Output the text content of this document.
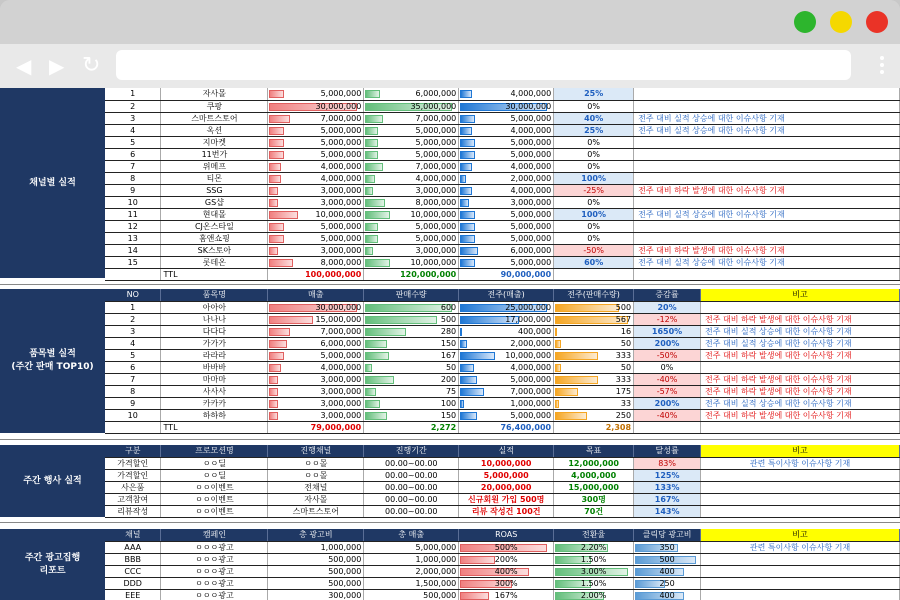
◀ ▶ ↻
채널별 실적
1	자사몰	5,000,000	6,000,000	4,000,000	25%	
2	쿠팡	30,000,000	35,000,000	30,000,000	0%	
3	스마트스토어	7,000,000	7,000,000	5,000,000	40%	전주 대비 실적 상승에 대한 이슈사항 기재
4	옥션	5,000,000	5,000,000	4,000,000	25%	전주 대비 실적 상승에 대한 이슈사항 기재
5	지마켓	5,000,000	5,000,000	5,000,000	0%	
6	11번가	5,000,000	5,000,000	5,000,000	0%	
7	위메프	4,000,000	7,000,000	4,000,000	0%	
8	티몬	4,000,000	4,000,000	2,000,000	100%	
9	SSG	3,000,000	3,000,000	4,000,000	-25%	전주 대비 하락 발생에 대한 이슈사항 기재
10	GS샵	3,000,000	8,000,000	3,000,000	0%	
11	현대몰	10,000,000	10,000,000	5,000,000	100%	전주 대비 실적 상승에 대한 이슈사항 기재
12	CJ온스타일	5,000,000	5,000,000	5,000,000	0%	
13	홈앤쇼핑	5,000,000	5,000,000	5,000,000	0%	
14	SK스토아	3,000,000	3,000,000	6,000,000	-50%	전주 대비 하락 발생에 대한 이슈사항 기재
15	롯데온	8,000,000	10,000,000	5,000,000	60%	전주 대비 실적 상승에 대한 이슈사항 기재
	TTL	100,000,000	120,000,000	90,000,000		
품목별 실적
(주간 판매 TOP10)
NO	품목명	매출	판매수량	전주(매출)	전주(판매수량)	증감률	비고
1	아아아	30,000,000	600	25,000,000	500	20%	
2	나나나	15,000,000	500	17,000,000	567	-12%	전주 대비 하락 발생에 대한 이슈사항 기재
3	다다다	7,000,000	280	400,000	16	1650%	전주 대비 실적 상승에 대한 이슈사항 기재
4	가가가	6,000,000	150	2,000,000	50	200%	전주 대비 실적 상승에 대한 이슈사항 기재
5	라라라	5,000,000	167	10,000,000	333	-50%	전주 대비 하락 발생에 대한 이슈사항 기재
6	바바바	4,000,000	50	4,000,000	50	0%	
7	마마마	3,000,000	200	5,000,000	333	-40%	전주 대비 하락 발생에 대한 이슈사항 기재
8	사사사	3,000,000	75	7,000,000	175	-57%	전주 대비 하락 발생에 대한 이슈사항 기재
9	카카카	3,000,000	100	1,000,000	33	200%	전주 대비 실적 상승에 대한 이슈사항 기재
10	하하하	3,000,000	150	5,000,000	250	-40%	전주 대비 하락 발생에 대한 이슈사항 기재
	TTL	79,000,000	2,272	76,400,000	2,308		
주간 행사 실적
구분	프로모션명	진행채널	진행기간	실적	목표	달성률	비고
가격할인	ㅇㅇ딜	ㅇㅇ몰	00.00~00.00	10,000,000	12,000,000	83%	관련 특이사항 이슈사항 기재
가격할인	ㅇㅇ딜	ㅇㅇ몰	00.00~00.00	5,000,000	4,000,000	125%	
사은품	ㅇㅇ이벤트	전채널	00.00~00.00	20,000,000	15,000,000	133%	
고객참여	ㅇㅇ이벤트	자사몰	00.00~00.00	신규회원 가입 500명	300명	167%	
리뷰작성	ㅇㅇ이벤트	스마트스토어	00.00~00.00	리뷰 작성건 100건	70건	143%	
주간 광고집행
리포트
채널	캠페인	총 광고비	총 매출	ROAS	전환율	클릭당 광고비	비고
AAA	ㅇㅇㅇ광고	1,000,000	5,000,000	500%	2.20%	350	관련 특이사항 이슈사항 기재
BBB	ㅇㅇㅇ광고	500,000	1,000,000	200%	1.50%	500	
CCC	ㅇㅇㅇ광고	500,000	2,000,000	400%	3.00%	400	
DDD	ㅇㅇㅇ광고	500,000	1,500,000	300%	1.50%	250	
EEE	ㅇㅇㅇ광고	300,000	500,000	167%	2.00%	400	
